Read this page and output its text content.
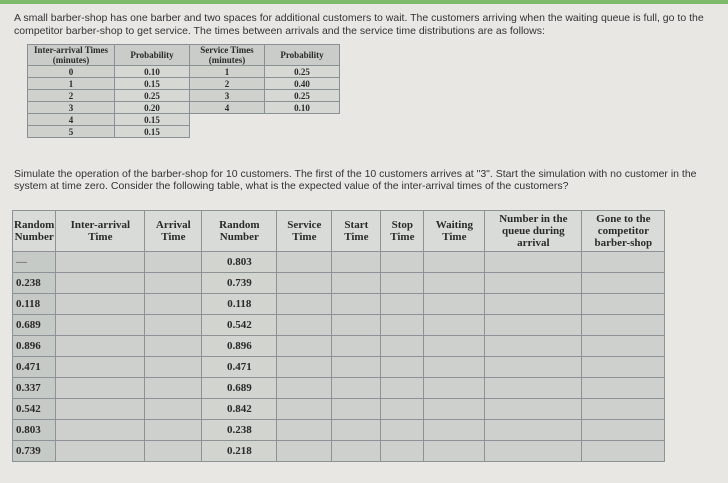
A small barber-shop has one barber and two spaces for additional customers to wait. The customers arriving when the waiting queue is full, go to the competitor barber-shop to get service. The times between arrivals and the service time distributions are as follows:
Inter-arrival Times (minutes)	Probability	Service Times (minutes)	Probability
0	0.10	1	0.25
1	0.15	2	0.40
2	0.25	3	0.25
3	0.20	4	0.10
4	0.15		
5	0.15		
Simulate the operation of the barber-shop for 10 customers. The first of the 10 customers arrives at "3". Start the simulation with no customer in the system at time zero. Consider the following table, what is the expected value of the inter-arrival times of the customers?
Random Number	Inter-arrival Time	Arrival Time	Random Number	Service Time	Start Time	Stop Time	Waiting Time	Number in the queue during arrival	Gone to the competitor barber-shop
—			0.803						
0.238			0.739						
0.118			0.118						
0.689			0.542						
0.896			0.896						
0.471			0.471						
0.337			0.689						
0.542			0.842						
0.803			0.238						
0.739			0.218						
